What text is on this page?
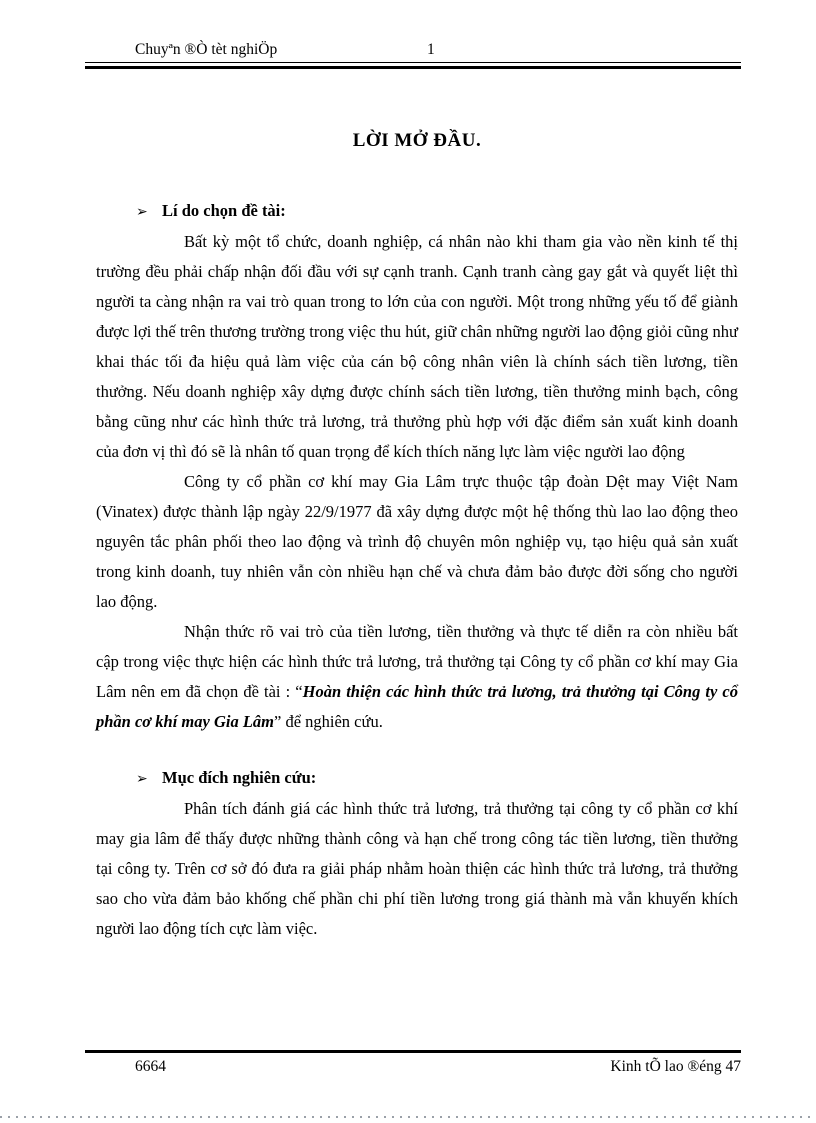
Chuyªn ®Ò tèt nghiÖp	1
LỜI MỞ ĐẦU.
➢ Lí do chọn đề tài:

Bất kỳ một tổ chức, doanh nghiệp, cá nhân nào khi tham gia vào nền kinh tế thị trường đều phải chấp nhận đối đầu với sự cạnh tranh. Cạnh tranh càng gay gắt và quyết liệt thì người ta càng nhận ra vai trò quan trong to lớn của con người. Một trong những yếu tố để giành được lợi thế trên thương trường trong việc thu hút, giữ chân những người lao động giỏi cũng như khai thác tối đa hiệu quả làm việc của cán bộ công nhân viên là chính sách tiền lương, tiền thưởng. Nếu doanh nghiệp xây dựng được chính sách tiền lương, tiền thưởng minh bạch, công bằng cũng như các hình thức trả lương, trả thưởng phù hợp với đặc điểm sản xuất kinh doanh của đơn vị thì đó sẽ là nhân tố quan trọng để kích thích năng lực làm việc người lao động

Công ty cổ phần cơ khí may Gia Lâm trực thuộc tập đoàn Dệt may Việt Nam (Vinatex) được thành lập ngày 22/9/1977 đã xây dựng được một hệ thống thù lao lao động theo nguyên tắc phân phối theo lao động và trình độ chuyên môn nghiệp vụ, tạo hiệu quả sản xuất trong kinh doanh, tuy nhiên vẫn còn nhiều hạn chế và chưa đảm bảo được đời sống cho người lao động.

Nhận thức rõ vai trò của tiền lương, tiền thưởng và thực tế diễn ra còn nhiều bất cập trong việc thực hiện các hình thức trả lương, trả thưởng tại Công ty cổ phần cơ khí may Gia Lâm nên em đã chọn đề tài : “Hoàn thiện các hình thức trả lương, trả thưởng tại Công ty cổ phần cơ khí may Gia Lâm” để nghiên cứu.

➢ Mục đích nghiên cứu:

Phân tích đánh giá các hình thức trả lương, trả thưởng tại công ty cổ phần cơ khí may gia lâm để thấy được những thành công và hạn chế trong công tác tiền lương, tiền thưởng tại công ty. Trên cơ sở đó đưa ra giải pháp nhằm hoàn thiện các hình thức trả lương, trả thưởng sao cho vừa đảm bảo khống chế phần chi phí tiền lương trong giá thành mà vẫn khuyến khích người lao động tích cực làm việc.

6664	Kinh tÕ lao ®éng 47
